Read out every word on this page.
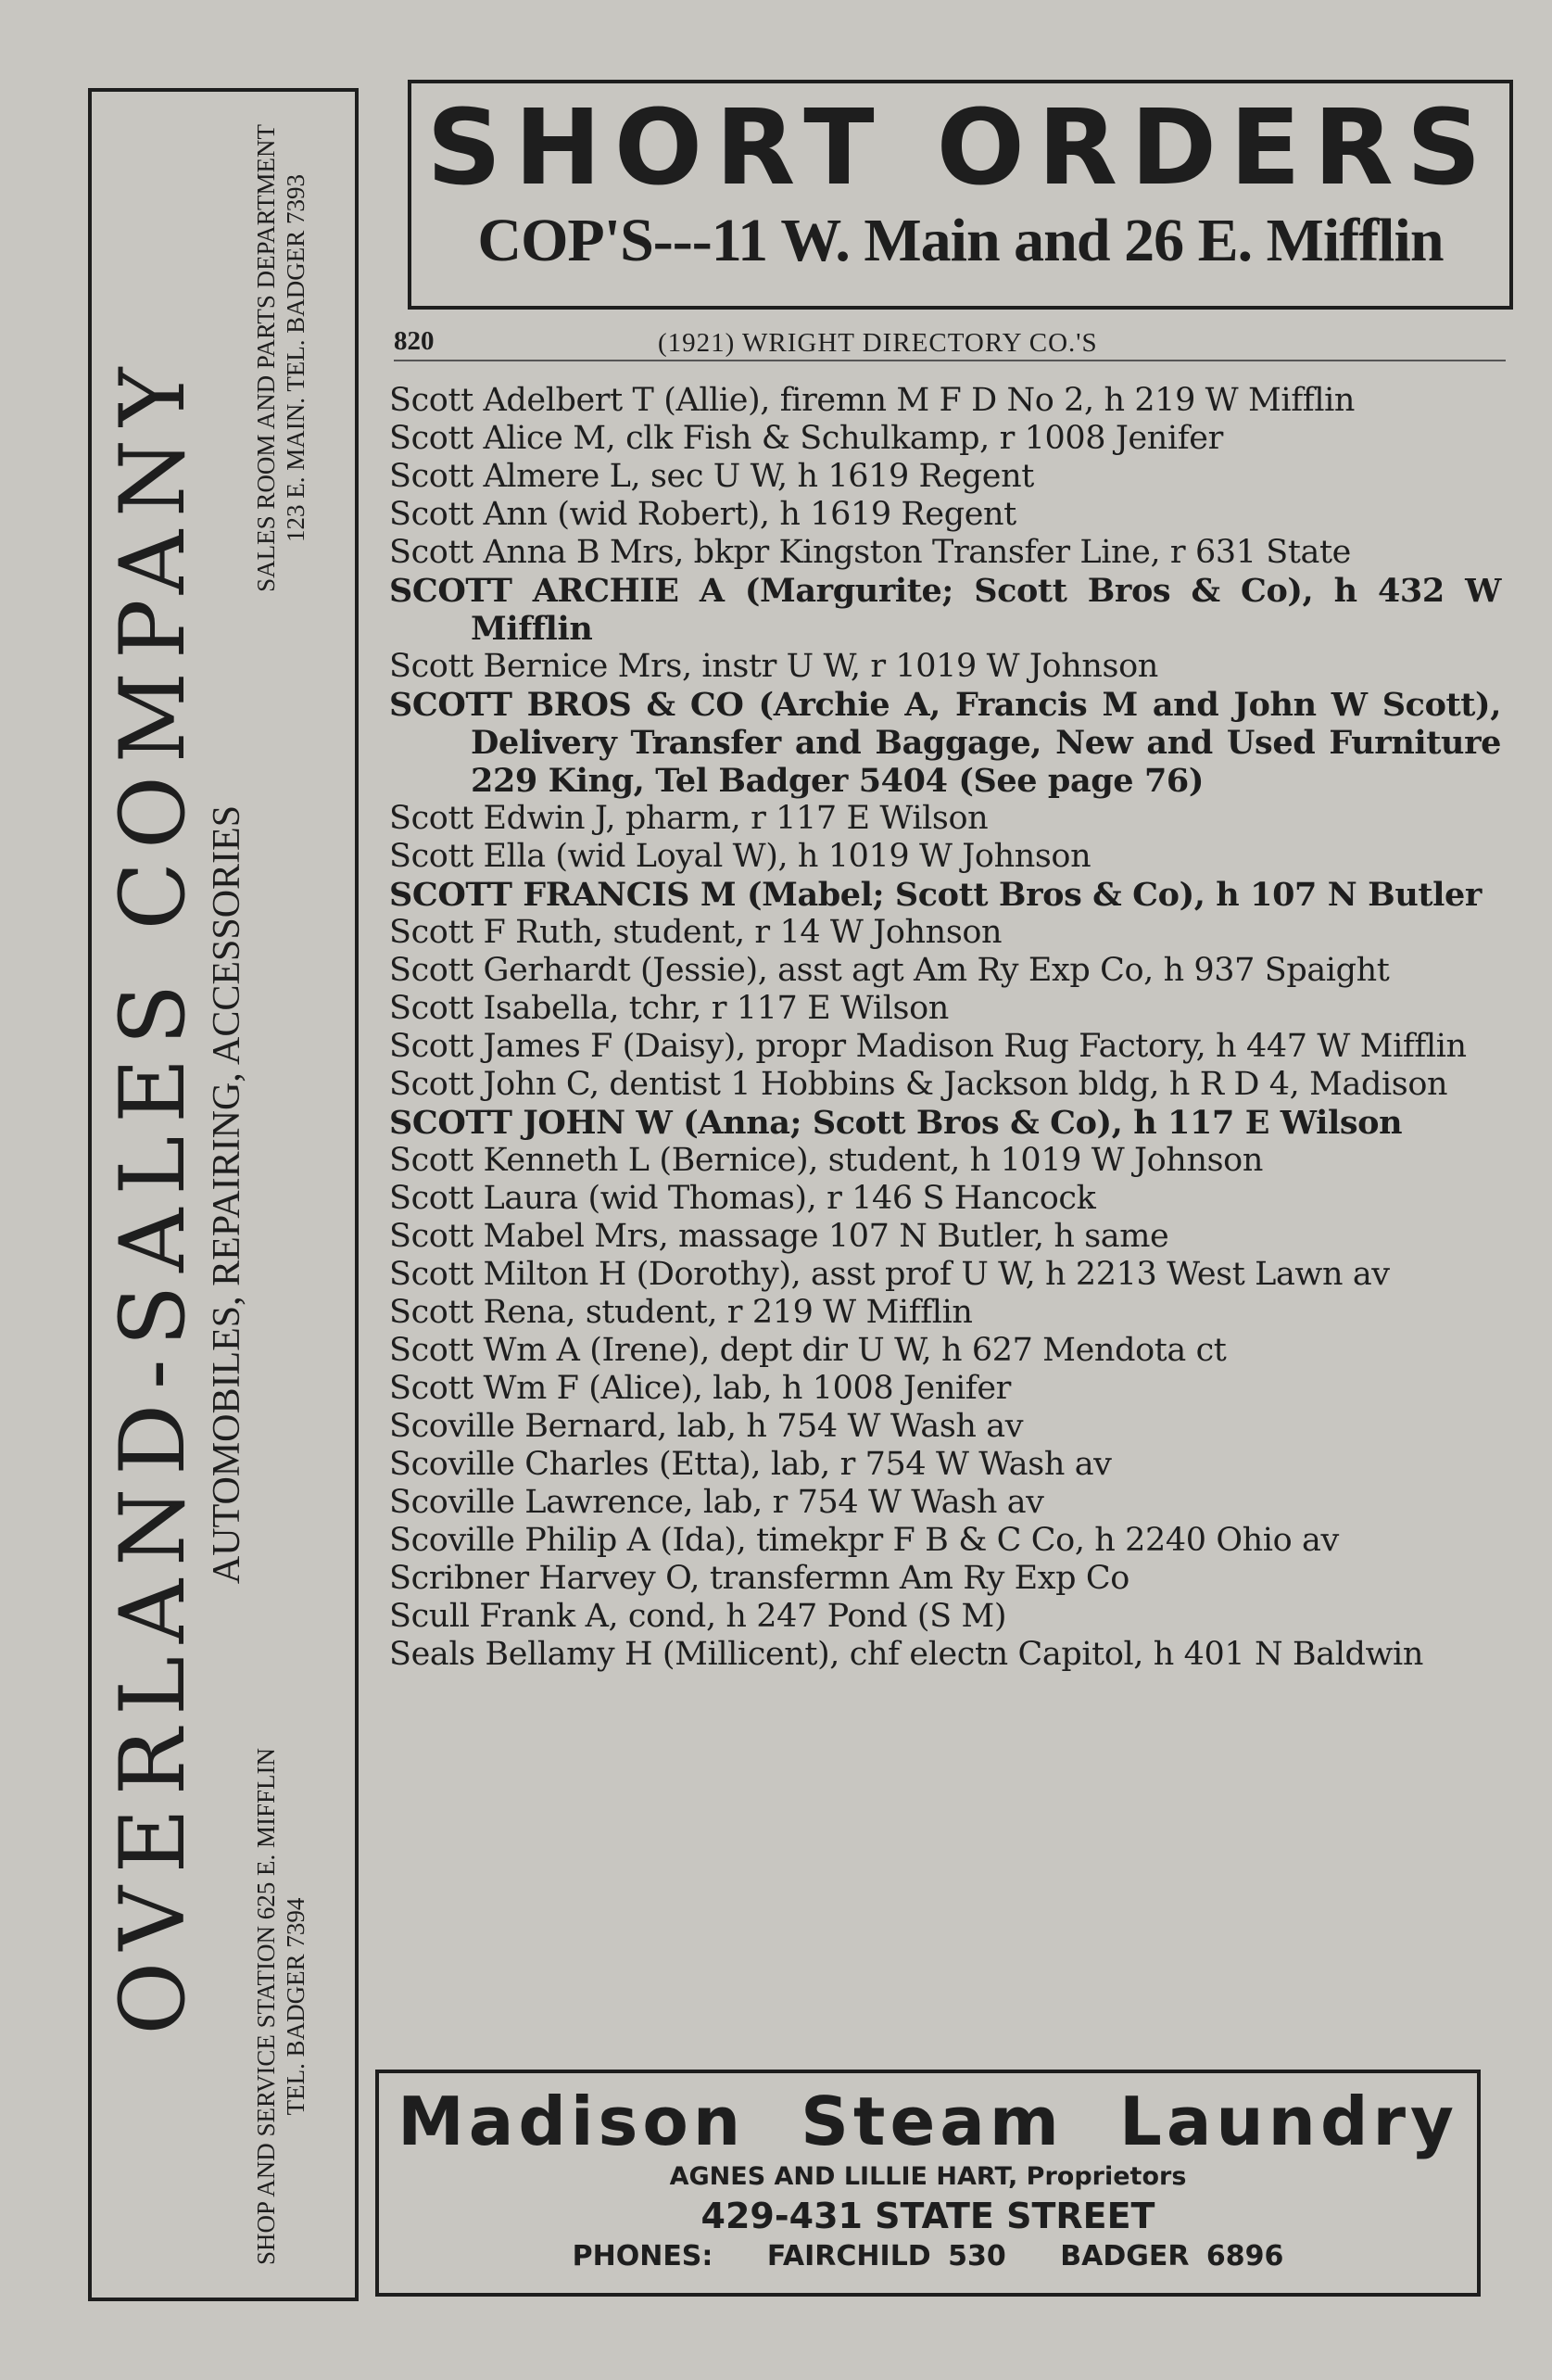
OVERLAND-SALES COMPANY AUTOMOBILES, REPAIRING, ACCESSORIES
SHOP AND SERVICE STATION 625 E. MIFFLIN TEL. BADGER 7394
SALES ROOM AND PARTS DEPARTMENT 123 E. MAIN. TEL. BADGER 7393
SHORT ORDERS
COP'S---11 W. Main and 26 E. Mifflin
820	(1921) WRIGHT DIRECTORY CO.'S
Scott Adelbert T (Allie), firemn M F D No 2, h 219 W Mifflin
Scott Alice M, clk Fish & Schulkamp, r 1008 Jenifer
Scott Almere L, sec U W, h 1619 Regent
Scott Ann (wid Robert), h 1619 Regent
Scott Anna B Mrs, bkpr Kingston Transfer Line, r 631 State
SCOTT ARCHIE A (Margurite; Scott Bros & Co), h 432 W Mifflin
Scott Bernice Mrs, instr U W, r 1019 W Johnson
SCOTT BROS & CO (Archie A, Francis M and John W Scott), Delivery Transfer and Baggage, New and Used Furniture 229 King, Tel Badger 5404 (See page 76)
Scott Edwin J, pharm, r 117 E Wilson
Scott Ella (wid Loyal W), h 1019 W Johnson
SCOTT FRANCIS M (Mabel; Scott Bros & Co), h 107 N Butler
Scott F Ruth, student, r 14 W Johnson
Scott Gerhardt (Jessie), asst agt Am Ry Exp Co, h 937 Spaight
Scott Isabella, tchr, r 117 E Wilson
Scott James F (Daisy), propr Madison Rug Factory, h 447 W Mifflin
Scott John C, dentist 1 Hobbins & Jackson bldg, h R D 4, Madison
SCOTT JOHN W (Anna; Scott Bros & Co), h 117 E Wilson
Scott Kenneth L (Bernice), student, h 1019 W Johnson
Scott Laura (wid Thomas), r 146 S Hancock
Scott Mabel Mrs, massage 107 N Butler, h same
Scott Milton H (Dorothy), asst prof U W, h 2213 West Lawn av
Scott Rena, student, r 219 W Mifflin
Scott Wm A (Irene), dept dir U W, h 627 Mendota ct
Scott Wm F (Alice), lab, h 1008 Jenifer
Scoville Bernard, lab, h 754 W Wash av
Scoville Charles (Etta), lab, r 754 W Wash av
Scoville Lawrence, lab, r 754 W Wash av
Scoville Philip A (Ida), timekpr F B & C Co, h 2240 Ohio av
Scribner Harvey O, transfermn Am Ry Exp Co
Scull Frank A, cond, h 247 Pond (S M)
Seals Bellamy H (Millicent), chf electn Capitol, h 401 N Baldwin
Madison Steam Laundry
AGNES AND LILLIE HART, Proprietors
429-431 STATE STREET
PHONES: FAIRCHILD 530 BADGER 6896
